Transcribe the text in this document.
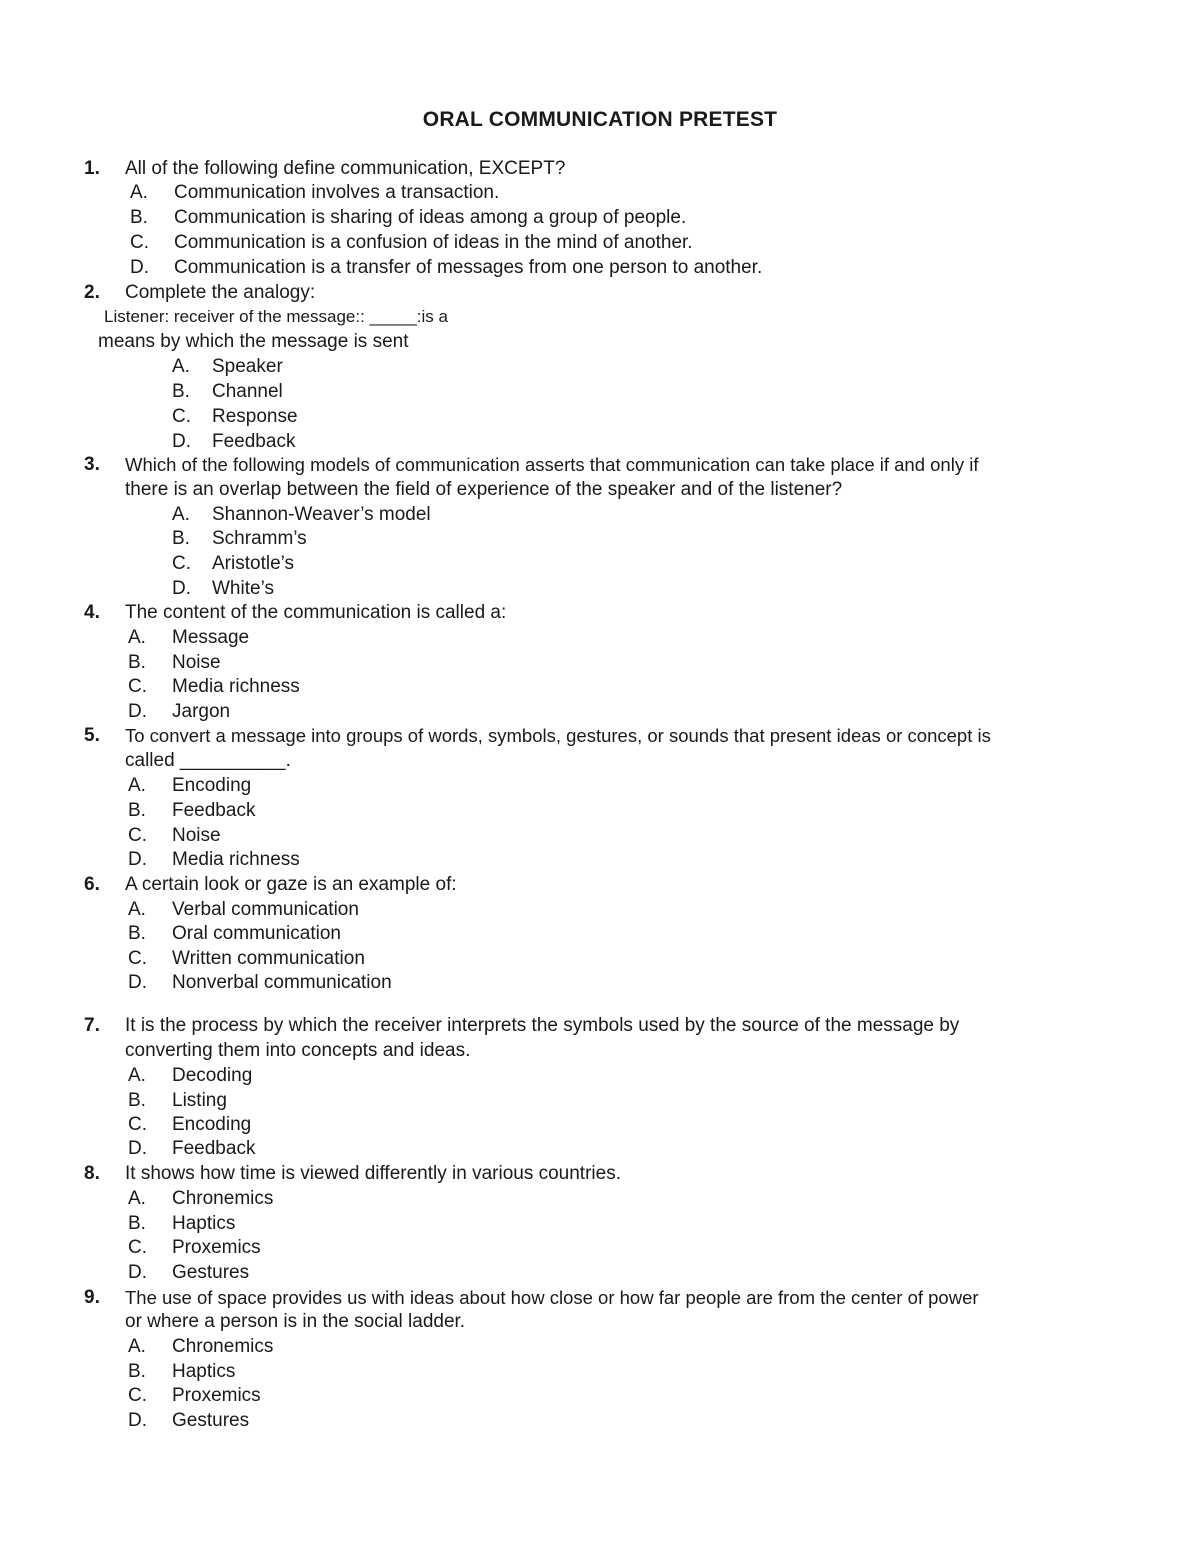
ORAL COMMUNICATION PRETEST
1. All of the following define communication, EXCEPT?
A. Communication involves a transaction.
B. Communication is sharing of ideas among a group of people.
C. Communication is a confusion of ideas in the mind of another.
D. Communication is a transfer of messages from one person to another.
2. Complete the analogy:
Listener: receiver of the message:: _____:is a
means by which the message is sent
A. Speaker
B. Channel
C. Response
D. Feedback
3. Which of the following models of communication asserts that communication can take place if and only if
there is an overlap between the field of experience of the speaker and of the listener?
A. Shannon-Weaver’s model
B. Schramm’s
C. Aristotle’s
D. White’s
4. The content of the communication is called a:
A. Message
B. Noise
C. Media richness
D. Jargon
5. To convert a message into groups of words, symbols, gestures, or sounds that present ideas or concept is
called __________.
A. Encoding
B. Feedback
C. Noise
D. Media richness
6. A certain look or gaze is an example of:
A. Verbal communication
B. Oral communication
C. Written communication
D. Nonverbal communication
7. It is the process by which the receiver interprets the symbols used by the source of the message by
converting them into concepts and ideas.
A. Decoding
B. Listing
C. Encoding
D. Feedback
8. It shows how time is viewed differently in various countries.
A. Chronemics
B. Haptics
C. Proxemics
D. Gestures
9. The use of space provides us with ideas about how close or how far people are from the center of power
or where a person is in the social ladder.
A. Chronemics
B. Haptics
C. Proxemics
D. Gestures
